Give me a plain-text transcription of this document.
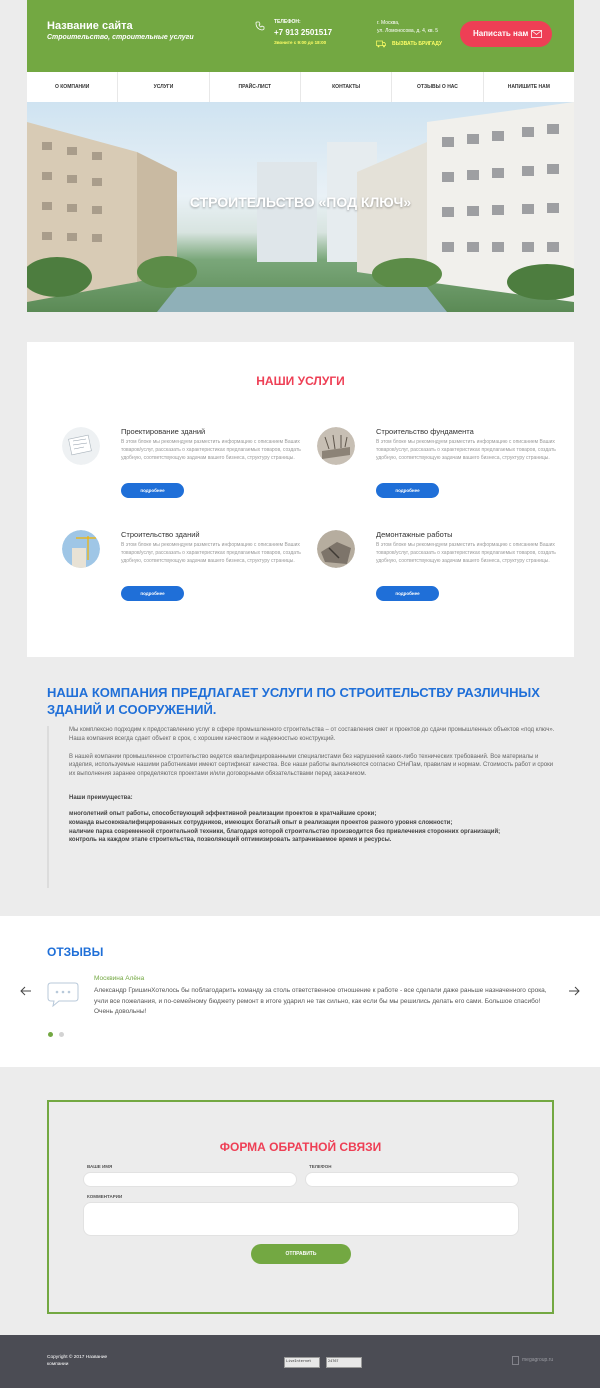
Название сайта
Строительство, строительные услуги
ТЕЛЕФОН:
+7 913 2501517
Звоните с 9:00 до 18:00
г. Москва,
ул. Ломоносова, д. 4, кв. 5
ВЫЗВАТЬ БРИГАДУ
Написать нам
О КОМПАНИИ	УСЛУГИ	ПРАЙС-ЛИСТ	КОНТАКТЫ	ОТЗЫВЫ О НАС	НАПИШИТЕ НАМ
СТРОИТЕЛЬСТВО «ПОД КЛЮЧ»
НАШИ УСЛУГИ
Проектирование зданий
В этом блоке мы рекомендуем разместить информацию с описанием Ваших товаров/услуг, рассказать о характеристиках предлагаемых товаров, создать удобную, соответствующую задачам вашего бизнеса, структуру страницы.
подробнее
Строительство фундамента
В этом блоке мы рекомендуем разместить информацию с описанием Ваших товаров/услуг, рассказать о характеристиках предлагаемых товаров, создать удобную, соответствующую задачам вашего бизнеса, структуру страницы.
подробнее
Строительство зданий
В этом блоке мы рекомендуем разместить информацию с описанием Ваших товаров/услуг, рассказать о характеристиках предлагаемых товаров, создать удобную, соответствующую задачам вашего бизнеса, структуру страницы.
подробнее
Демонтажные работы
В этом блоке мы рекомендуем разместить информацию с описанием Ваших товаров/услуг, рассказать о характеристиках предлагаемых товаров, создать удобную, соответствующую задачам вашего бизнеса, структуру страницы.
подробнее
НАША КОМПАНИЯ ПРЕДЛАГАЕТ УСЛУГИ ПО СТРОИТЕЛЬСТВУ РАЗЛИЧНЫХ ЗДАНИЙ И СООРУЖЕНИЙ.

Мы комплексно подходим к предоставлению услуг в сфере промышленного строительства – от составления смет и проектов до сдачи промышленных объектов «под ключ». Наша компания всегда сдает объект в срок, с хорошим качеством и надежностью конструкций.

В нашей компании промышленное строительство ведется квалифицированными специалистами без нарушений каких-либо технических требований. Все материалы и изделия, используемые нашими работниками имеют сертификат качества. Все наши работы выполняются согласно СНиПам, правилам и нормам. Стоимость работ и сроки их выполнения заранее определяются проектами и/или договорными обязательствами перед заказчиком.

Наши преимущества:

многолетний опыт работы, способствующий эффективной реализации проектов в кратчайшие сроки;
команда высококвалифицированных сотрудников, имеющих богатый опыт в реализации проектов разного уровня сложности;
наличие парка современной строительной техники, благодаря которой строительство производится без привлечения сторонних организаций;
контроль на каждом этапе строительства, позволяющий оптимизировать затрачиваемое время и ресурсы.
ОТЗЫВЫ
Москвина Алёна
Александр ГришинХотелось бы поблагодарить команду за столь ответственное отношение к работе - все сделали даже раньше назначенного срока, учли все пожелания, и по-семейному бюджету ремонт в итоге ударил не так сильно, как если бы мы решились делать его сами. Большое спасибо! Очень довольны!
ФОРМА ОБРАТНОЙ СВЯЗИ
ВАШЕ ИМЯ	ТЕЛЕФОН
КОММЕНТАРИИ
ОТПРАВИТЬ
Copyright © 2017 Название компании
LiveInternet	24767	megagroup.ru
